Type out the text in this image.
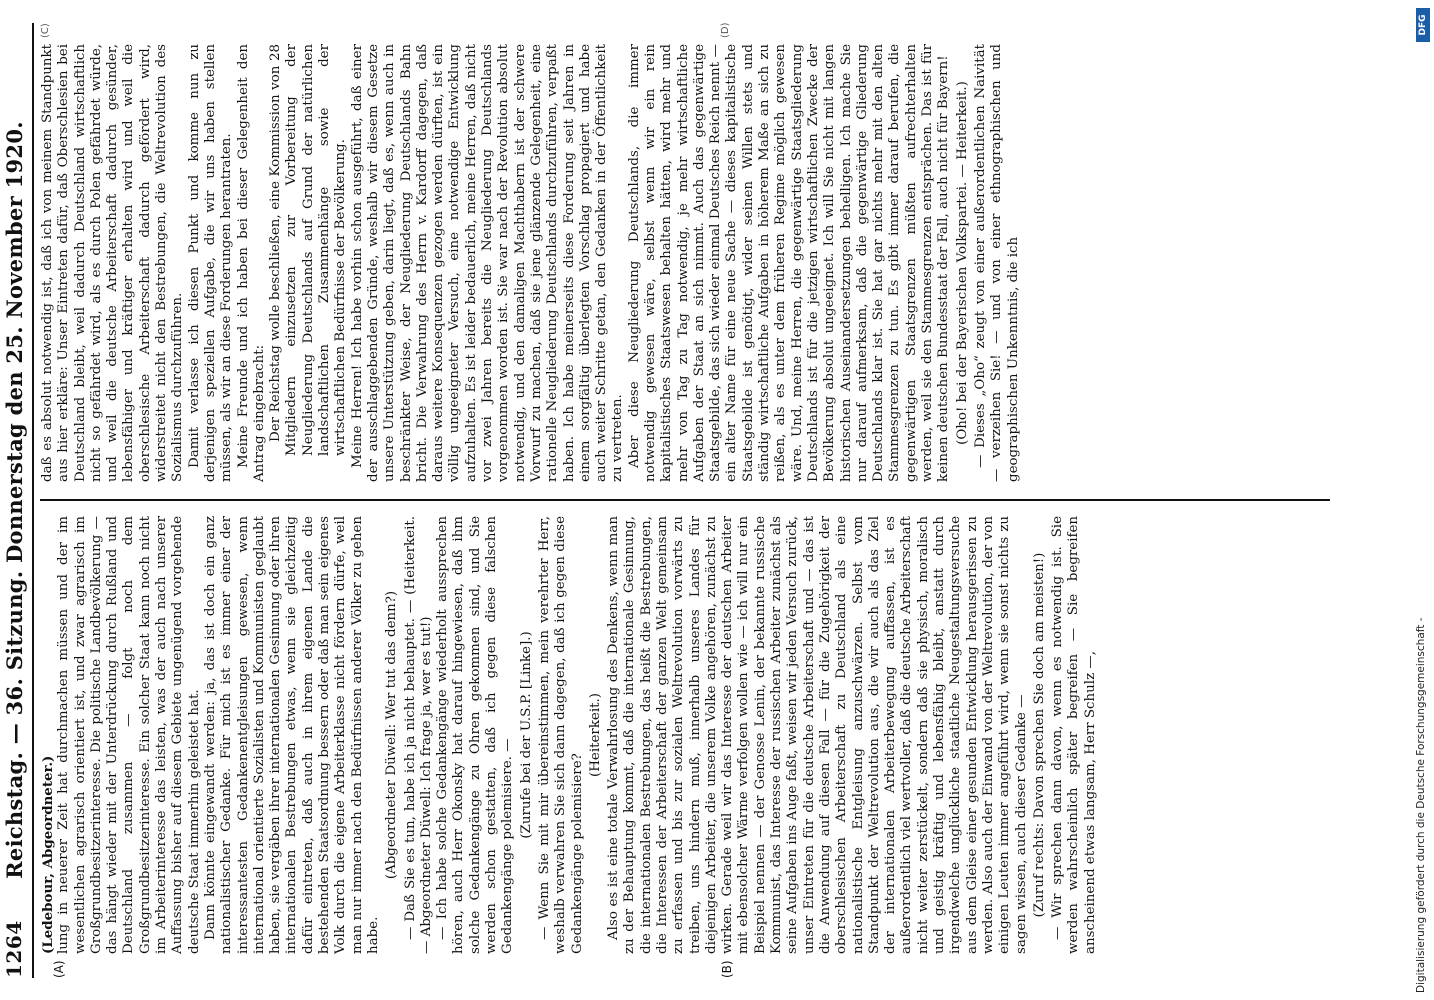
1264
Reichstag. — 36. Sitzung. Donnerstag den 25. November 1920.
(A)	(B)
(C)	(D)

(Ledebour, Abgeordneter.) lung in neuerer Zeit hat durchmachen müssen und der im wesentlichen agrarisch orientiert ist, und zwar agrarisch im Großgrundbesitzerinteresse. Die politische Landbevölkerung — das hängt wieder mit der Unterdrückung durch Rußland und Deutschland zusammen — folgt noch dem Großgrundbesitzerinteresse. Ein solcher Staat kann noch nicht im Arbeiterinteresse das leisten, was der auch nach unserer Auffassung bisher auf diesem Gebiete ungenügend vorgehende deutsche Staat immerhin geleistet hat. Dann könnte eingewandt werden: ja, das ist doch ein ganz nationalistischer Gedanke. Für mich ist es immer einer der interessantesten Gedankenentgleisungen gewesen, wenn international orientierte Sozialisten und Kommunisten geglaubt haben, sie vergäben ihrer internationalen Gesinnung oder ihren internationalen Bestrebungen etwas, wenn sie gleichzeitig dafür eintreten, daß auch in ihrem eigenen Lande die bestehenden Staatsordnung bessern oder daß man sein eigenes Volk durch die eigene Arbeiterklasse nicht fördern dürfe, weil man nur immer nach den Bedürfnissen anderer Völker zu gehen habe.

(Abgeordneter Düwell: Wer tut das denn?) — Daß Sie es tun, habe ich ja nicht behauptet. — (Heiterkeit. — Abgeordneter Düwell: Ich frage ja, wer es tut!) — Ich habe solche Gedankengänge wiederholt aussprechen hören, auch Herr Okonsky hat darauf hingewiesen, daß ihm solche Gedankengänge zu Ohren gekommen sind, und Sie werden schon gestatten, daß ich gegen diese falschen Gedankengänge polemisiere. —

(Zurufe bei der U.S.P. [Linke].) — Wenn Sie mit mir übereinstimmen, mein verehrter Herr, weshalb verwahren Sie sich dann dagegen, daß ich gegen diese Gedankengänge polemisiere?

(Heiterkeit.) Also es ist eine totale Verwahrlosung des Denkens, wenn man zu der Behauptung kommt, daß die internationale Gesinnung, die internationalen Bestrebungen, das heißt die Bestrebungen, die Interessen der Arbeiterschaft der ganzen Welt gemeinsam zu erfassen und bis zur sozialen Weltrevolution vorwärts zu treiben, uns hindern muß, innerhalb unseres Landes für diejenigen Arbeiter, die unserem Volke angehören, zunächst zu wirken. Gerade weil wir das Interesse der deutschen Arbeiter mit ebensolcher Wärme verfolgen wollen wie — ich will nur ein Beispiel nennen — der Genosse Lenin, der bekannte russische Kommunist, das Interesse der russischen Arbeiter zunächst als seine Aufgaben ins Auge faßt, weisen wir jeden Versuch zurück, unser Eintreten für die deutsche Arbeiterschaft und — das ist die Anwendung auf diesen Fall — für die Zugehörigkeit der oberschlesischen Arbeiterschaft zu Deutschland als eine nationalistische Entgleisung anzuschwärzen. Selbst vom Standpunkt der Weltrevolution aus, die wir auch als das Ziel der internationalen Arbeiterbewegung auffassen, ist es außerordentlich viel wertvoller, daß die deutsche Arbeiterschaft nicht weiter zerstückelt, sondern daß sie physisch, moralisch und geistig kräftig und lebensfähig bleibt, anstatt durch irgendwelche unglückliche staatliche Neugestaltungsversuche aus dem Gleise einer gesunden Entwicklung herausgerissen zu werden. Also auch der Einwand von der Weltrevolution, der von einigen Leuten immer angeführt wird, wenn sie sonst nichts zu sagen wissen, auch dieser Gedanke — (Zuruf rechts: Davon sprechen Sie doch am meisten!) — Wir sprechen dann davon, wenn es notwendig ist. Sie werden wahrscheinlich später begreifen — Sie begreifen anscheinend etwas langsam, Herr Schulz —,

daß es absolut notwendig ist, daß ich von meinem Standpunkt aus hier erkläre: Unser Eintreten dafür, daß Oberschlesien bei Deutschland bleibt, weil dadurch Deutschland wirtschaftlich nicht so gefährdet wird, als es durch Polen gefährdet würde, und weil die deutsche Arbeiterschaft dadurch gesünder, lebensfähiger und kräftiger erhalten wird und weil die oberschlesische Arbeiterschaft dadurch gefördert wird, widerstreitet nicht den Bestrebungen, die Weltrevolution des Sozialismus durchzuführen. Damit verlasse ich diesen Punkt und komme nun zu derjenigen speziellen Aufgabe, die wir uns haben stellen müssen, als wir an diese Forderungen herantraten. Meine Freunde und ich haben bei dieser Gelegenheit den Antrag eingebracht: Der Reichstag wolle beschließen, eine Kommission von 28 Mitgliedern einzusetzen zur Vorbereitung der Neugliederung Deutschlands auf Grund der natürlichen landschaftlichen Zusammenhänge sowie der wirtschaftlichen Bedürfnisse der Bevölkerung. Meine Herren! Ich habe vorhin schon ausgeführt, daß einer der ausschlaggebenden Gründe, weshalb wir diesem Gesetze unsere Unterstützung geben, darin liegt, daß es, wenn auch in beschränkter Weise, der Neugliederung Deutschlands Bahn bricht. Die Verwahrung des Herrn v. Kardorff dagegen, daß daraus weitere Konsequenzen gezogen werden dürften, ist ein völlig ungeeigneter Versuch, eine notwendige Entwicklung aufzuhalten. Es ist leider bedauerlich, meine Herren, daß nicht vor zwei Jahren bereits die Neugliederung Deutschlands vorgenommen worden ist. Sie war nach der Revolution absolut notwendig, und den damaligen Machthabern ist der schwere Vorwurf zu machen, daß sie jene glänzende Gelegenheit, eine rationelle Neugliederung Deutschlands durchzuführen, verpaßt haben. Ich habe meinerseits diese Forderung seit Jahren in einem sorgfältig überlegten Vorschlag propagiert und habe auch weiter Schritte getan, den Gedanken in der Öffentlichkeit zu vertreten. Aber diese Neugliederung Deutschlands, die immer notwendig gewesen wäre, selbst wenn wir ein rein kapitalistisches Staatswesen behalten hätten, wird mehr und mehr von Tag zu Tag notwendig, je mehr wirtschaftliche Aufgaben der Staat an sich nimmt. Auch das gegenwärtige Staatsgebilde, das sich wieder einmal Deutsches Reich nennt — ein alter Name für eine neue Sache — dieses kapitalistische Staatsgebilde ist genötigt, wider seinen Willen stets und ständig wirtschaftliche Aufgaben in höherem Maße an sich zu reißen, als es unter dem früheren Regime möglich gewesen wäre. Und, meine Herren, die gegenwärtige Staatsgliederung Deutschlands ist für die jetzigen wirtschaftlichen Zwecke der Bevölkerung absolut ungeeignet. Ich will Sie nicht mit langen historischen Auseinandersetzungen behelligen. Ich mache Sie nur darauf aufmerksam, daß die gegenwärtige Gliederung Deutschlands klar ist. Sie hat gar nichts mehr mit den alten Stammesgrenzen zu tun. Es gibt immer darauf berufen, die gegenwärtigen Staatsgrenzen müßten aufrechterhalten werden, weil sie den Stammesgrenzen entsprächen. Das ist für keinen deutschen Bundesstaat der Fall, auch nicht für Bayern! (Oho! bei der Bayerischen Volkspartei. — Heiterkeit.) — Dieses „Oho“ zeugt von einer außerordentlichen Naivität — verzeihen Sie! — und von einer ethnographischen und geographischen Unkenntnis, die ich

Digitalisierung gefördert durch die Deutsche Forschungsgemeinschaft -
DFG
